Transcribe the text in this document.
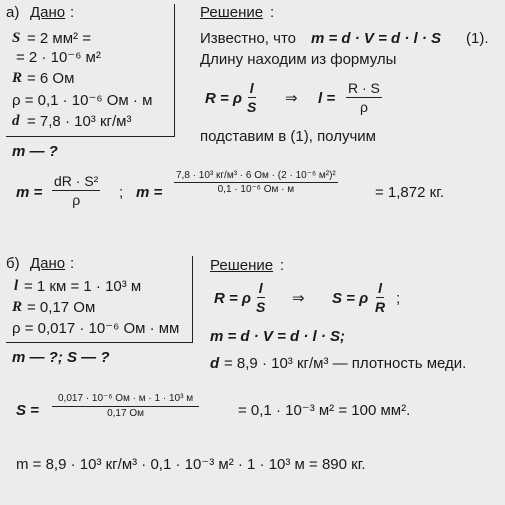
а) Дано :
S = 2 мм² =
= 2 · 10⁻⁶ м²
R = 6 Ом
ρ = 0,1 · 10⁻⁶ Ом · м
d = 7,8 · 10³ кг/м³
m — ?
Решение :
Известно, что m = d · V = d · l · S (1).
Длину находим из формулы
R = ρ $\frac{l}{S}$ ⇒ $l = \frac{R \cdot S}{\rho}$
подставим в (1), получим
$m = \frac{\text{dR · S²}}{\rho}$ ; m =
7,8 · 10³ кг/м³ · 6 Ом · (2 · 10⁻⁶ м²)²
0,1 · 10⁻⁶ Ом · м	= 1,872 кг.
б) Дано :
l = 1 км = 1 · 10³ м
R = 0,17 Ом
ρ = 0,017 · 10⁻⁶ Ом · мм
m — ?; S — ?
Решение :
R = ρ $\frac{l}{S}$ ⇒ S = ρ $\frac{l}{R}$ ;
m = d · V = d · l · S;
d = 8,9 · 10³ кг/м³ — плотность меди.
S =
0,017 · 10⁻⁶ Ом · м · 1 · 10³ м
0,17 Ом	= 0,1 · 10⁻³ м² = 100 мм².
m = 8,9 · 10³ кг/м³ · 0,1 · 10⁻³ м² · 1 · 10³ м = 890 кг.
